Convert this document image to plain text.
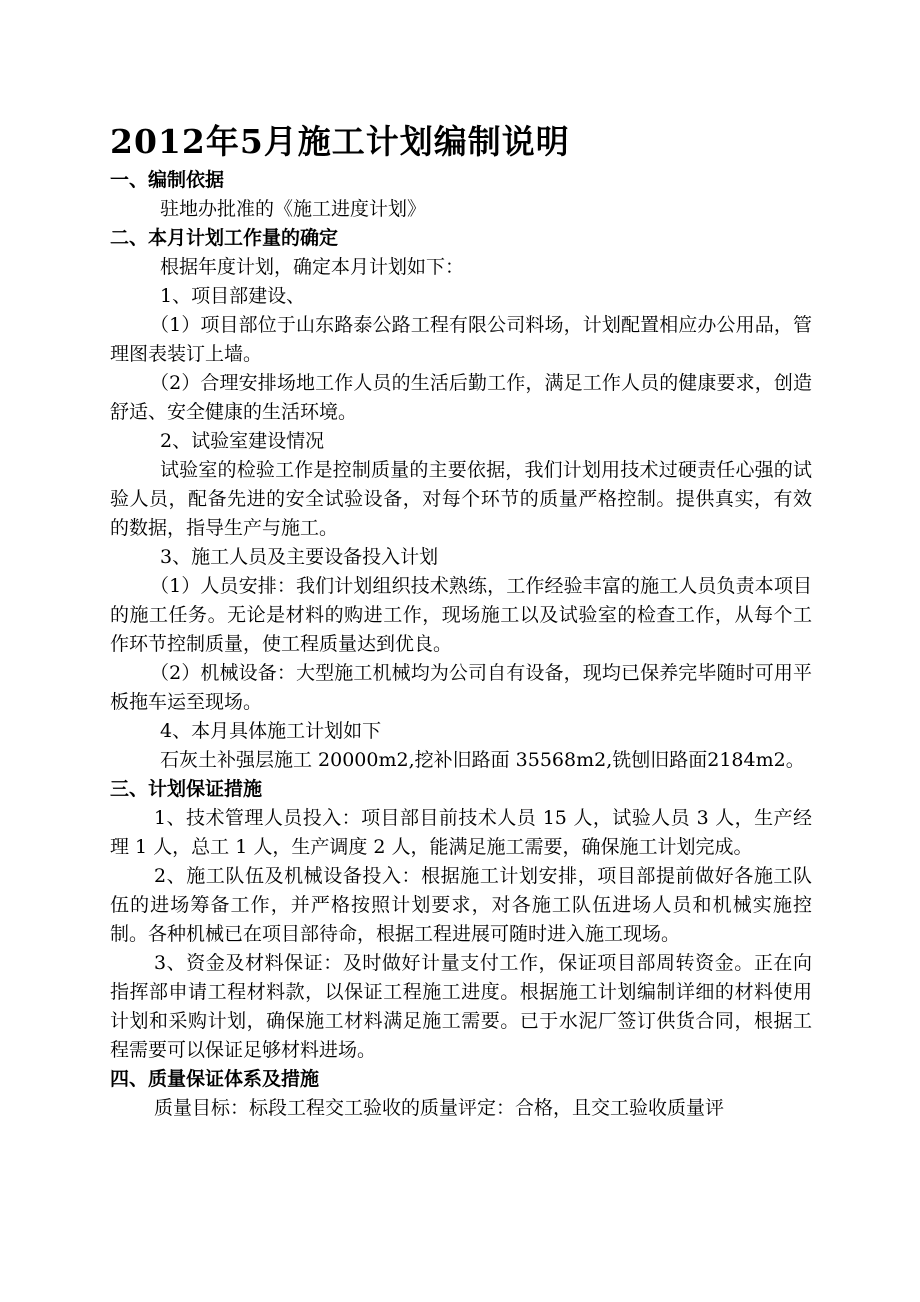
2012年5月施工计划编制说明

一、编制依据

驻地办批准的《施工进度计划》

二、本月计划工作量的确定

根据年度计划，确定本月计划如下：

1、项目部建设、

（1）项目部位于山东路泰公路工程有限公司料场，计划配置相应办公用品，管理图表装订上墙。

（2）合理安排场地工作人员的生活后勤工作，满足工作人员的健康要求，创造舒适、安全健康的生活环境。

2、试验室建设情况

试验室的检验工作是控制质量的主要依据，我们计划用技术过硬责任心强的试验人员，配备先进的安全试验设备，对每个环节的质量严格控制。提供真实，有效的数据，指导生产与施工。

3、施工人员及主要设备投入计划

（1）人员安排：我们计划组织技术熟练，工作经验丰富的施工人员负责本项目的施工任务。无论是材料的购进工作，现场施工以及试验室的检查工作，从每个工作环节控制质量，使工程质量达到优良。

（2）机械设备：大型施工机械均为公司自有设备，现均已保养完毕随时可用平板拖车运至现场。

4、本月具体施工计划如下

石灰土补强层施工 20000m2,挖补旧路面 35568m2,铣刨旧路面2184m2。

三、计划保证措施

1、技术管理人员投入：项目部目前技术人员 15 人，试验人员 3 人，生产经理 1 人，总工 1 人，生产调度 2 人，能满足施工需要，确保施工计划完成。

2、施工队伍及机械设备投入：根据施工计划安排，项目部提前做好各施工队伍的进场筹备工作，并严格按照计划要求，对各施工队伍进场人员和机械实施控制。各种机械已在项目部待命，根据工程进展可随时进入施工现场。

3、资金及材料保证：及时做好计量支付工作，保证项目部周转资金。正在向指挥部申请工程材料款，以保证工程施工进度。根据施工计划编制详细的材料使用计划和采购计划，确保施工材料满足施工需要。已于水泥厂签订供货合同，根据工程需要可以保证足够材料进场。

四、质量保证体系及措施

质量目标：标段工程交工验收的质量评定：合格，且交工验收质量评
